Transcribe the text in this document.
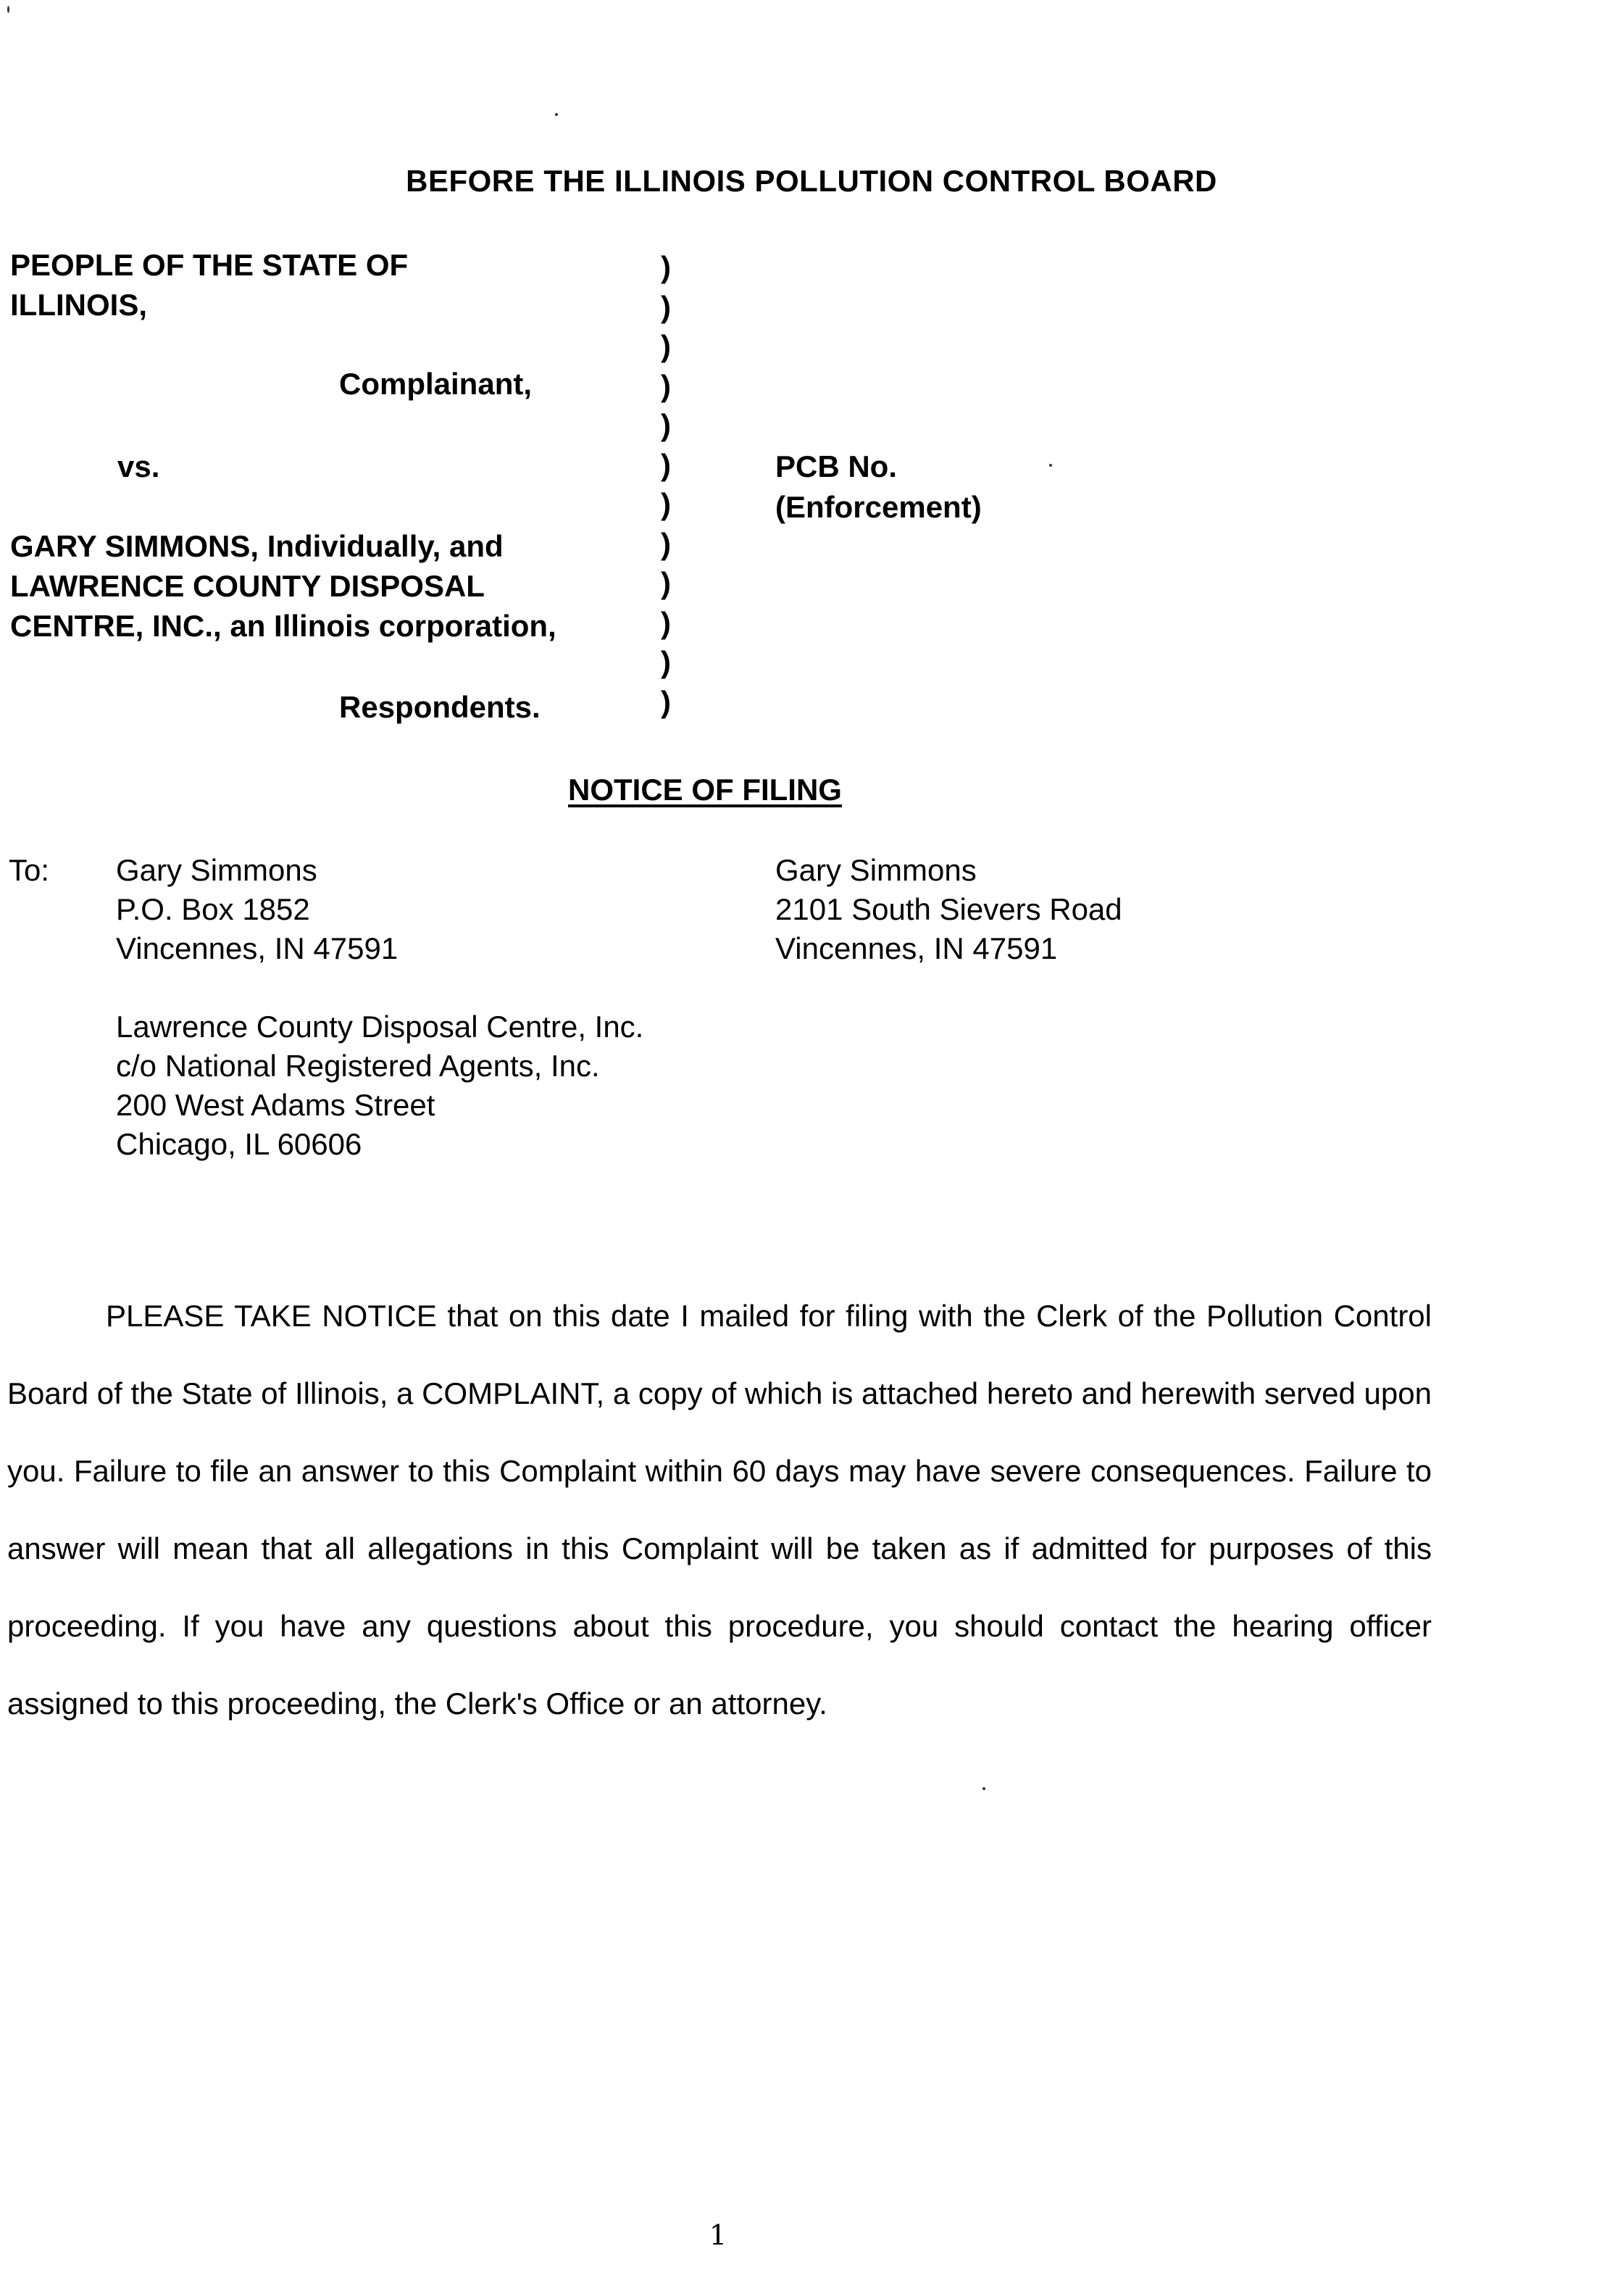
BEFORE THE ILLINOIS POLLUTION CONTROL BOARD
PEOPLE OF THE STATE OF
ILLINOIS,
Complainant,
vs.
GARY SIMMONS, Individually, and
LAWRENCE COUNTY DISPOSAL
CENTRE, INC., an Illinois corporation,
Respondents.
)
)
)
)
)
)
)
)
)
)
)
)
PCB No.
(Enforcement)
NOTICE OF FILING
To: Gary Simmons
P.O. Box 1852
Vincennes, IN 47591
Gary Simmons
2101 South Sievers Road
Vincennes, IN 47591
Lawrence County Disposal Centre, Inc.
c/o National Registered Agents, Inc.
200 West Adams Street
Chicago, IL 60606

PLEASE TAKE NOTICE that on this date I mailed for filing with the Clerk of the Pollution Control Board of the State of Illinois, a COMPLAINT, a copy of which is attached hereto and herewith served upon you. Failure to file an answer to this Complaint within 60 days may have severe consequences. Failure to answer will mean that all allegations in this Complaint will be taken as if admitted for purposes of this proceeding. If you have any questions about this procedure, you should contact the hearing officer assigned to this proceeding, the Clerk's Office or an attorney.

1
